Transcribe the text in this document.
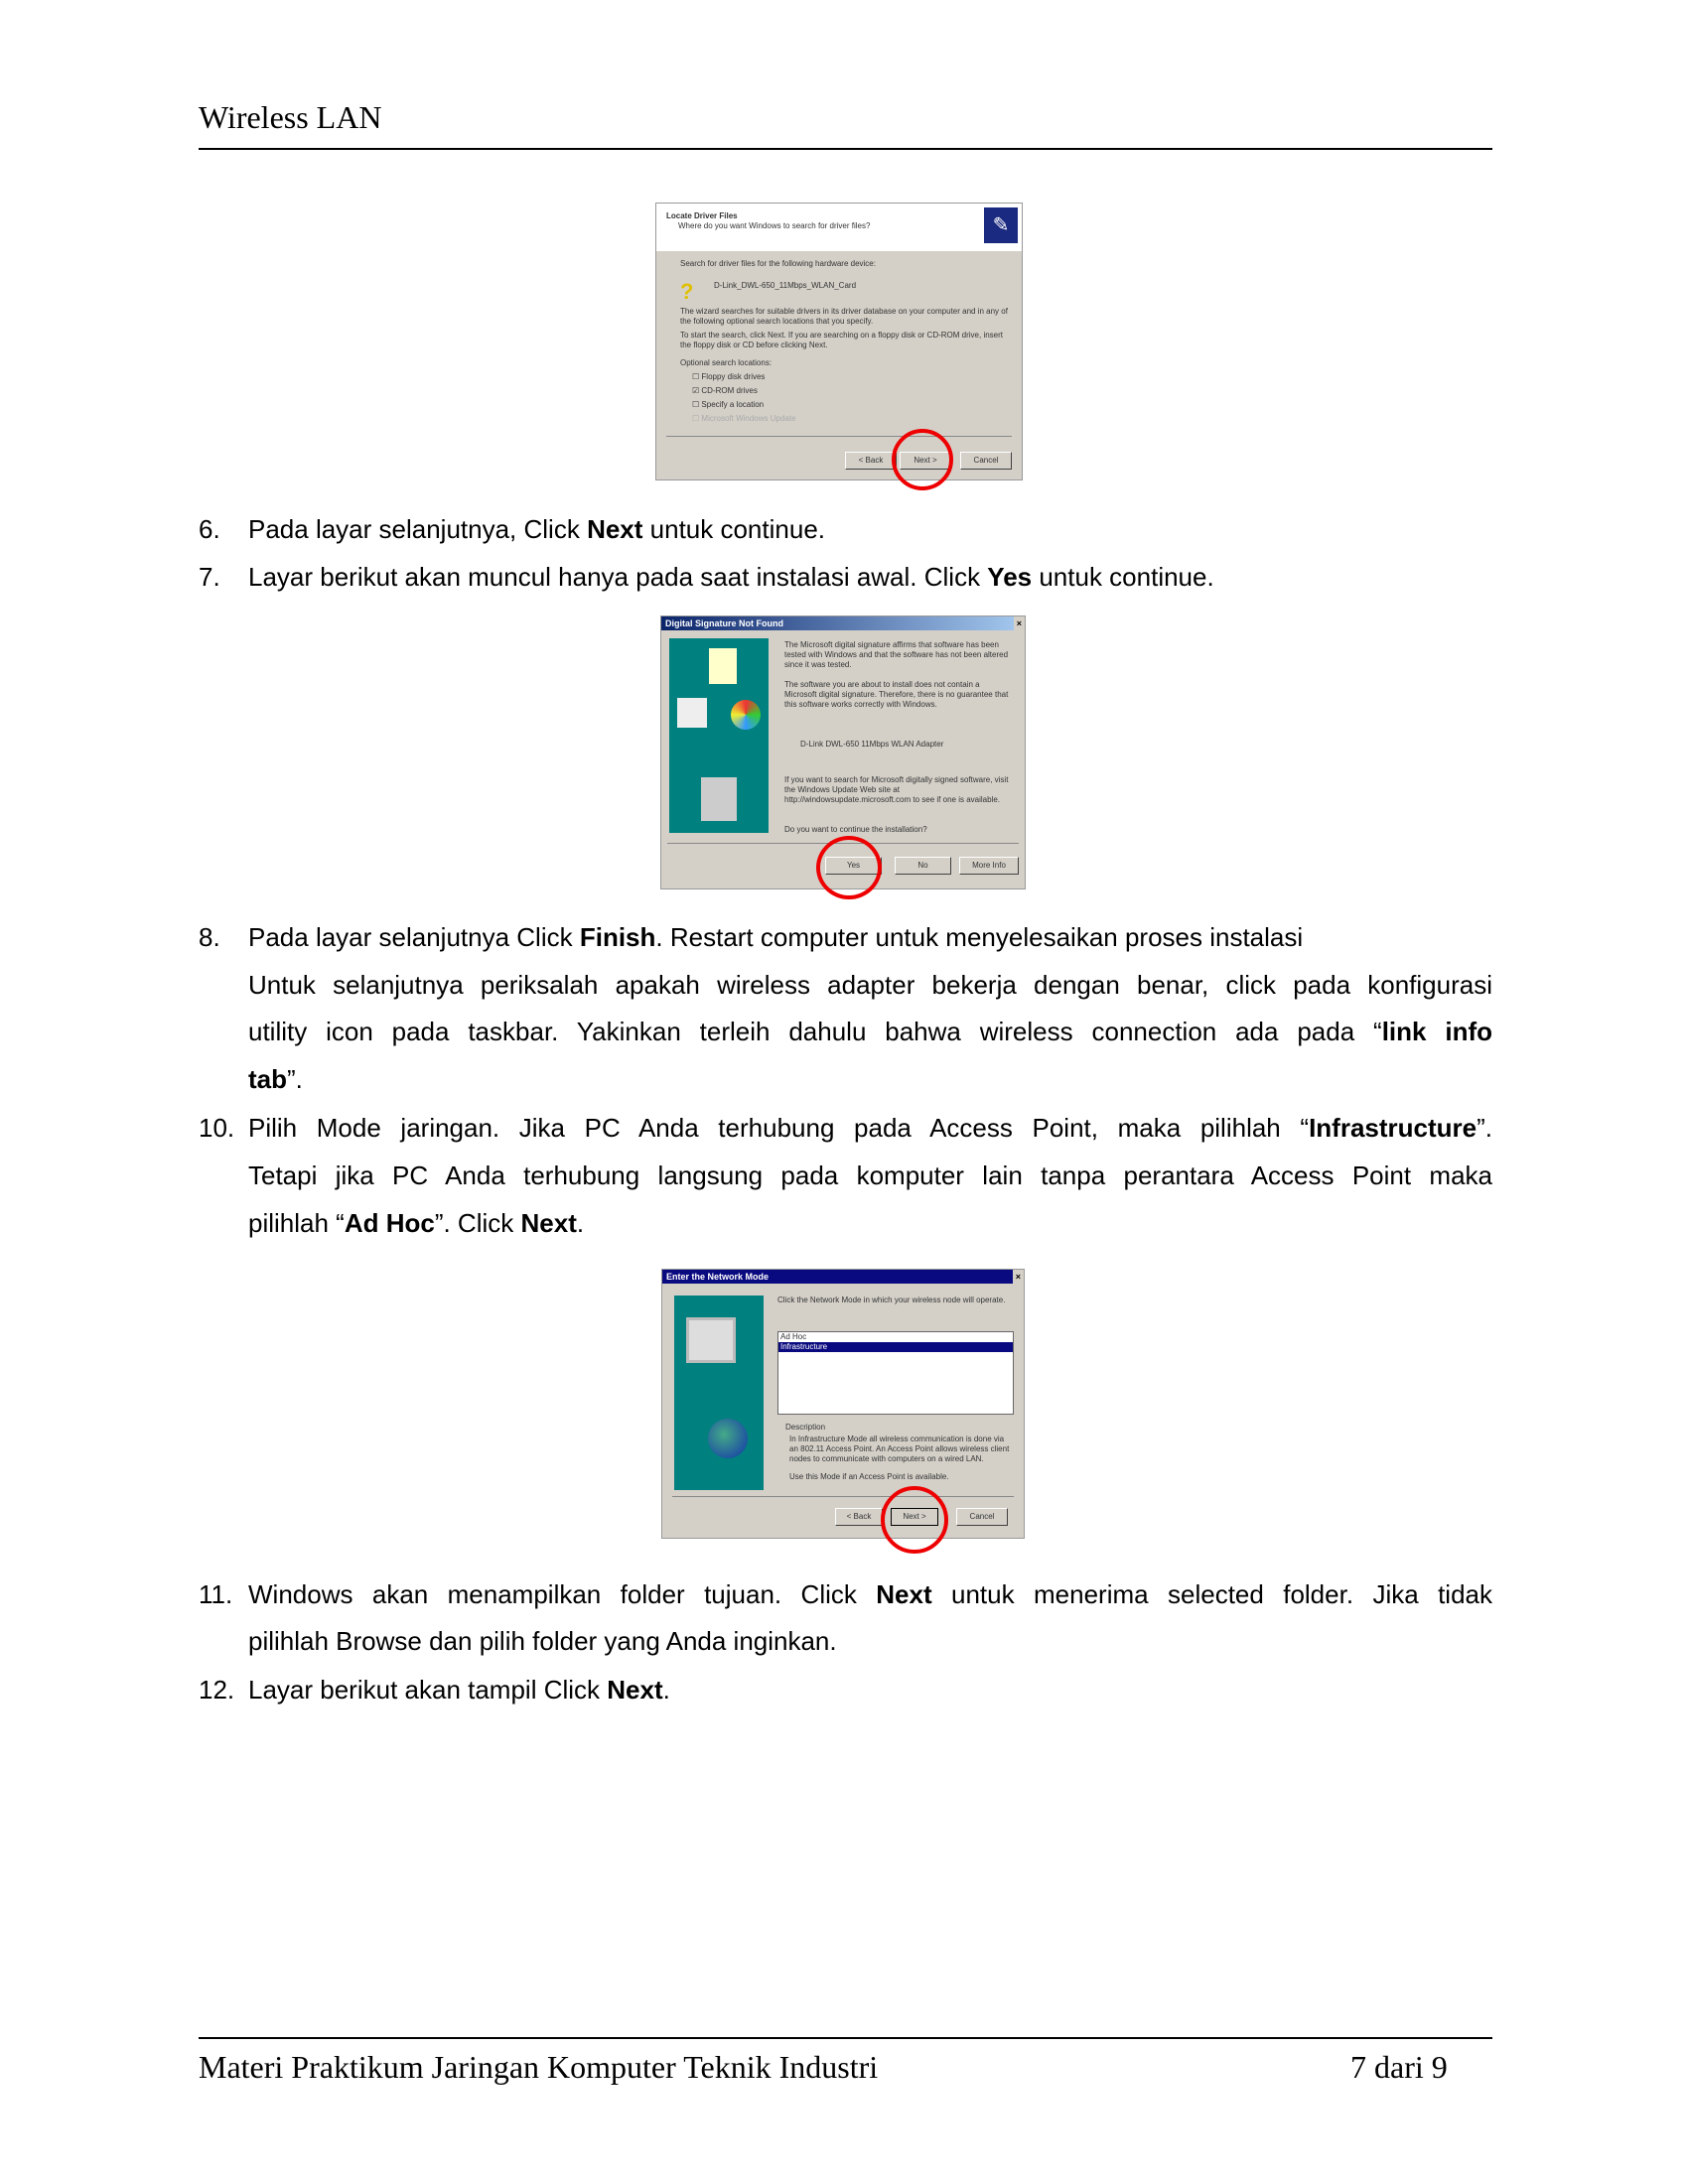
Wireless LAN
Locate Driver Files
Where do you want Windows to search for driver files?	✎
Search for driver files for the following hardware device:
?	D-Link_DWL-650_11Mbps_WLAN_Card
The wizard searches for suitable drivers in its driver database on your computer and in any of the following optional search locations that you specify.
To start the search, click Next. If you are searching on a floppy disk or CD-ROM drive, insert the floppy disk or CD before clicking Next.
Optional search locations:
☐ Floppy disk drives
☑ CD-ROM drives
☐ Specify a location
☐ Microsoft Windows Update
< Back	Next >	Cancel
6. Pada layar selanjutnya, Click Next untuk continue.
7. Layar berikut akan muncul hanya pada saat instalasi awal. Click Yes untuk continue.
Digital Signature Not Found	×
The Microsoft digital signature affirms that software has been tested with Windows and that the software has not been altered since it was tested.
The software you are about to install does not contain a Microsoft digital signature. Therefore, there is no guarantee that this software works correctly with Windows.
D-Link DWL-650 11Mbps WLAN Adapter
If you want to search for Microsoft digitally signed software, visit the Windows Update Web site at http://windowsupdate.microsoft.com to see if one is available.
Do you want to continue the installation?
Yes	No	More Info
8. Pada layar selanjutnya Click Finish. Restart computer untuk menyelesaikan proses instalasi
Untuk selanjutnya periksalah apakah wireless adapter bekerja dengan benar, click pada konfigurasi
utility icon pada taskbar. Yakinkan terleih dahulu bahwa wireless connection ada pada “link info
tab”.
10. Pilih Mode jaringan. Jika PC Anda terhubung pada Access Point, maka pilihlah “Infrastructure”.
Tetapi jika PC Anda terhubung langsung pada komputer lain tanpa perantara Access Point maka
pilihlah “Ad Hoc”. Click Next.
Enter the Network Mode	×
Click the Network Mode in which your wireless node will operate.
Ad Hoc
Infrastructure
Description
In Infrastructure Mode all wireless communication is done via an 802.11 Access Point. An Access Point allows wireless client nodes to communicate with computers on a wired LAN.
Use this Mode if an Access Point is available.
< Back	Next >	Cancel
11. Windows akan menampilkan folder tujuan. Click Next untuk menerima selected folder. Jika tidak
pilihlah Browse dan pilih folder yang Anda inginkan.
12. Layar berikut akan tampil Click Next.
Materi Praktikum Jaringan Komputer Teknik Industri	7 dari 9
